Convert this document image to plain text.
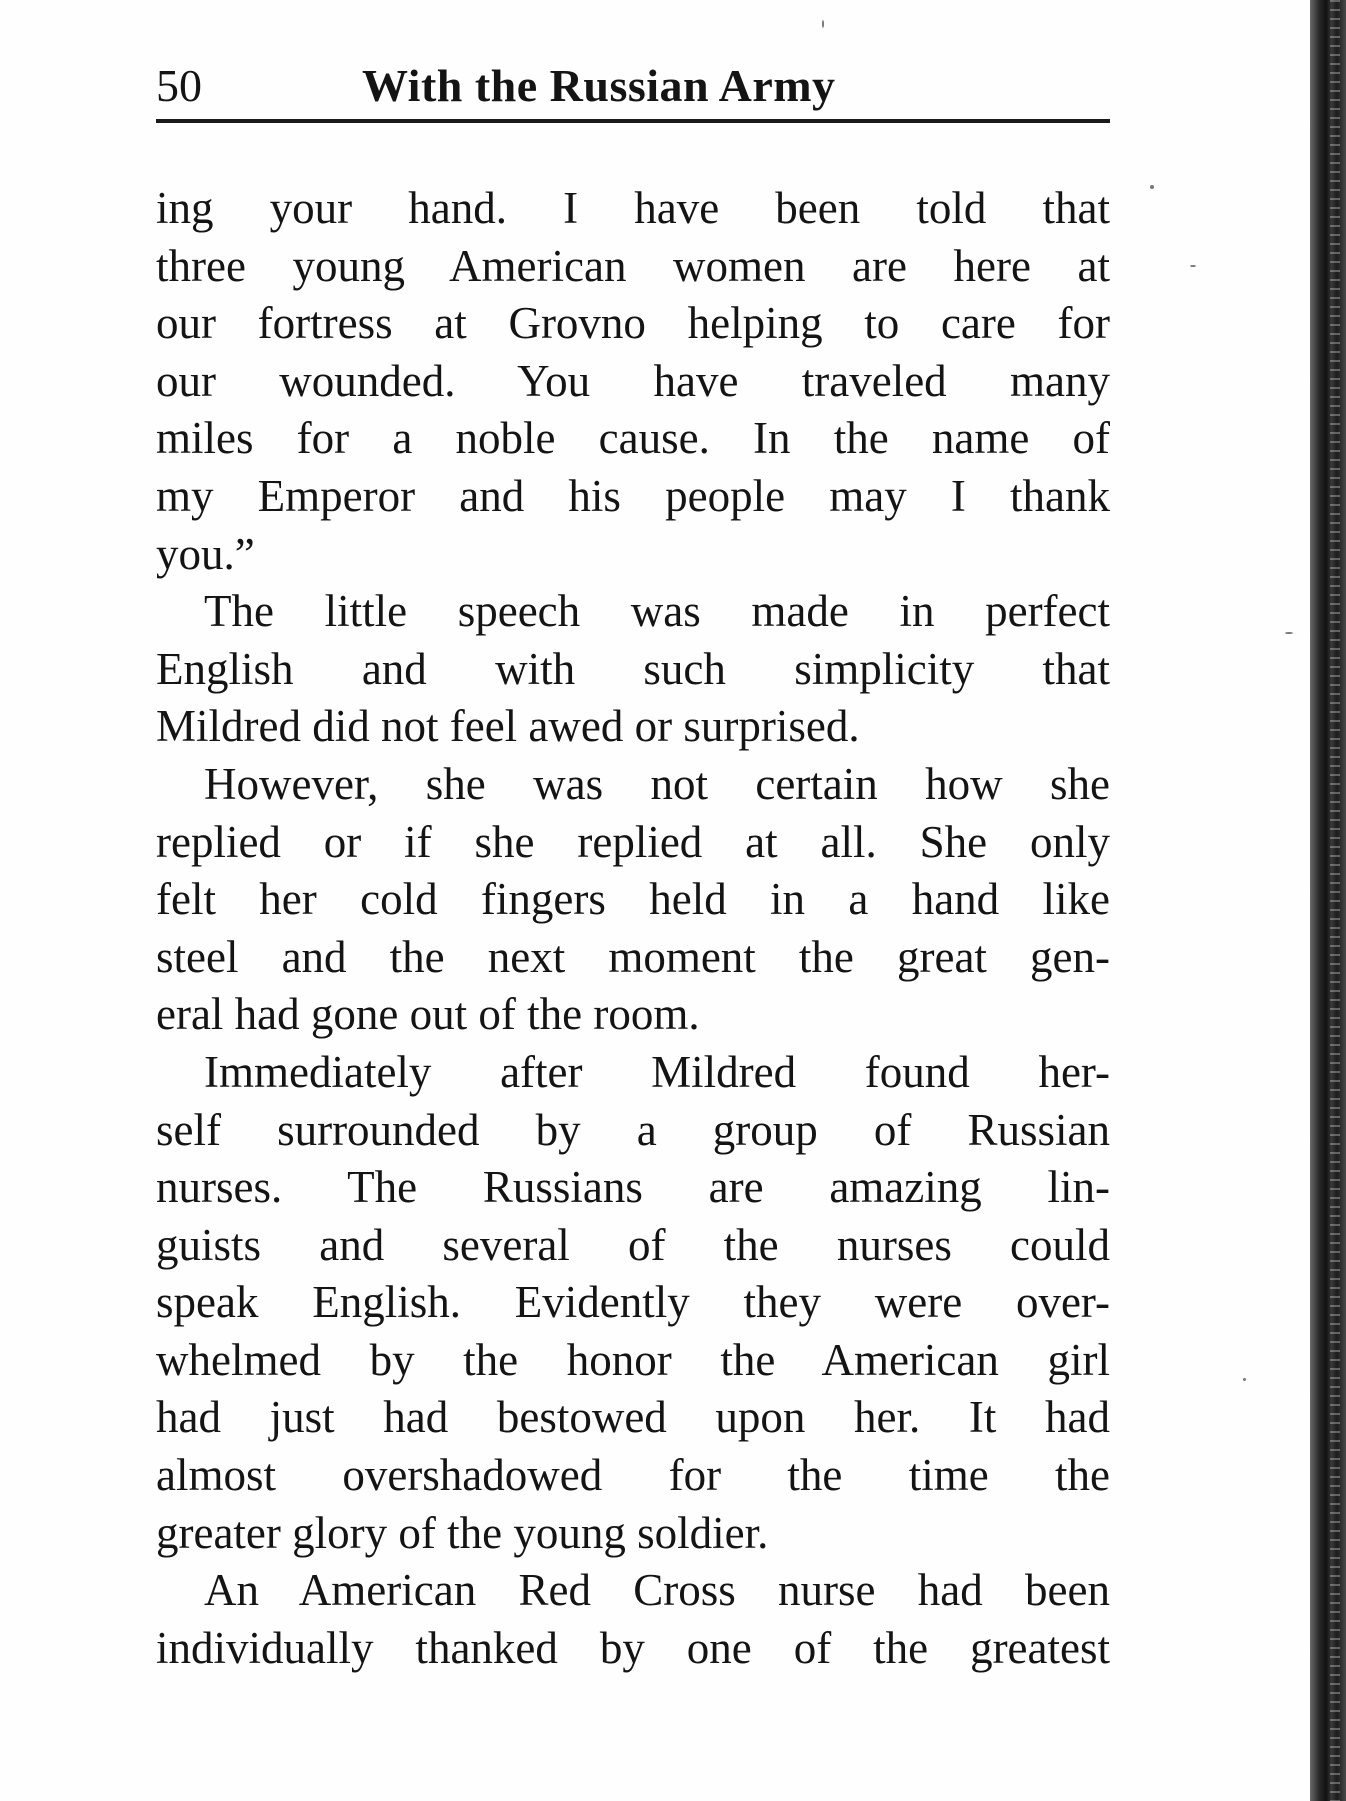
50	With the Russian Army
ing your hand. I have been told that
three young American women are here at
our fortress at Grovno helping to care for
our wounded. You have traveled many
miles for a noble cause. In the name of
my Emperor and his people may I thank
you.”
The little speech was made in perfect
English and with such simplicity that
Mildred did not feel awed or surprised.
However, she was not certain how she
replied or if she replied at all. She only
felt her cold fingers held in a hand like
steel and the next moment the great gen-
eral had gone out of the room.
Immediately after Mildred found her-
self surrounded by a group of Russian
nurses. The Russians are amazing lin-
guists and several of the nurses could
speak English. Evidently they were over-
whelmed by the honor the American girl
had just had bestowed upon her. It had
almost overshadowed for the time the
greater glory of the young soldier.
An American Red Cross nurse had been
individually thanked by one of the greatest
